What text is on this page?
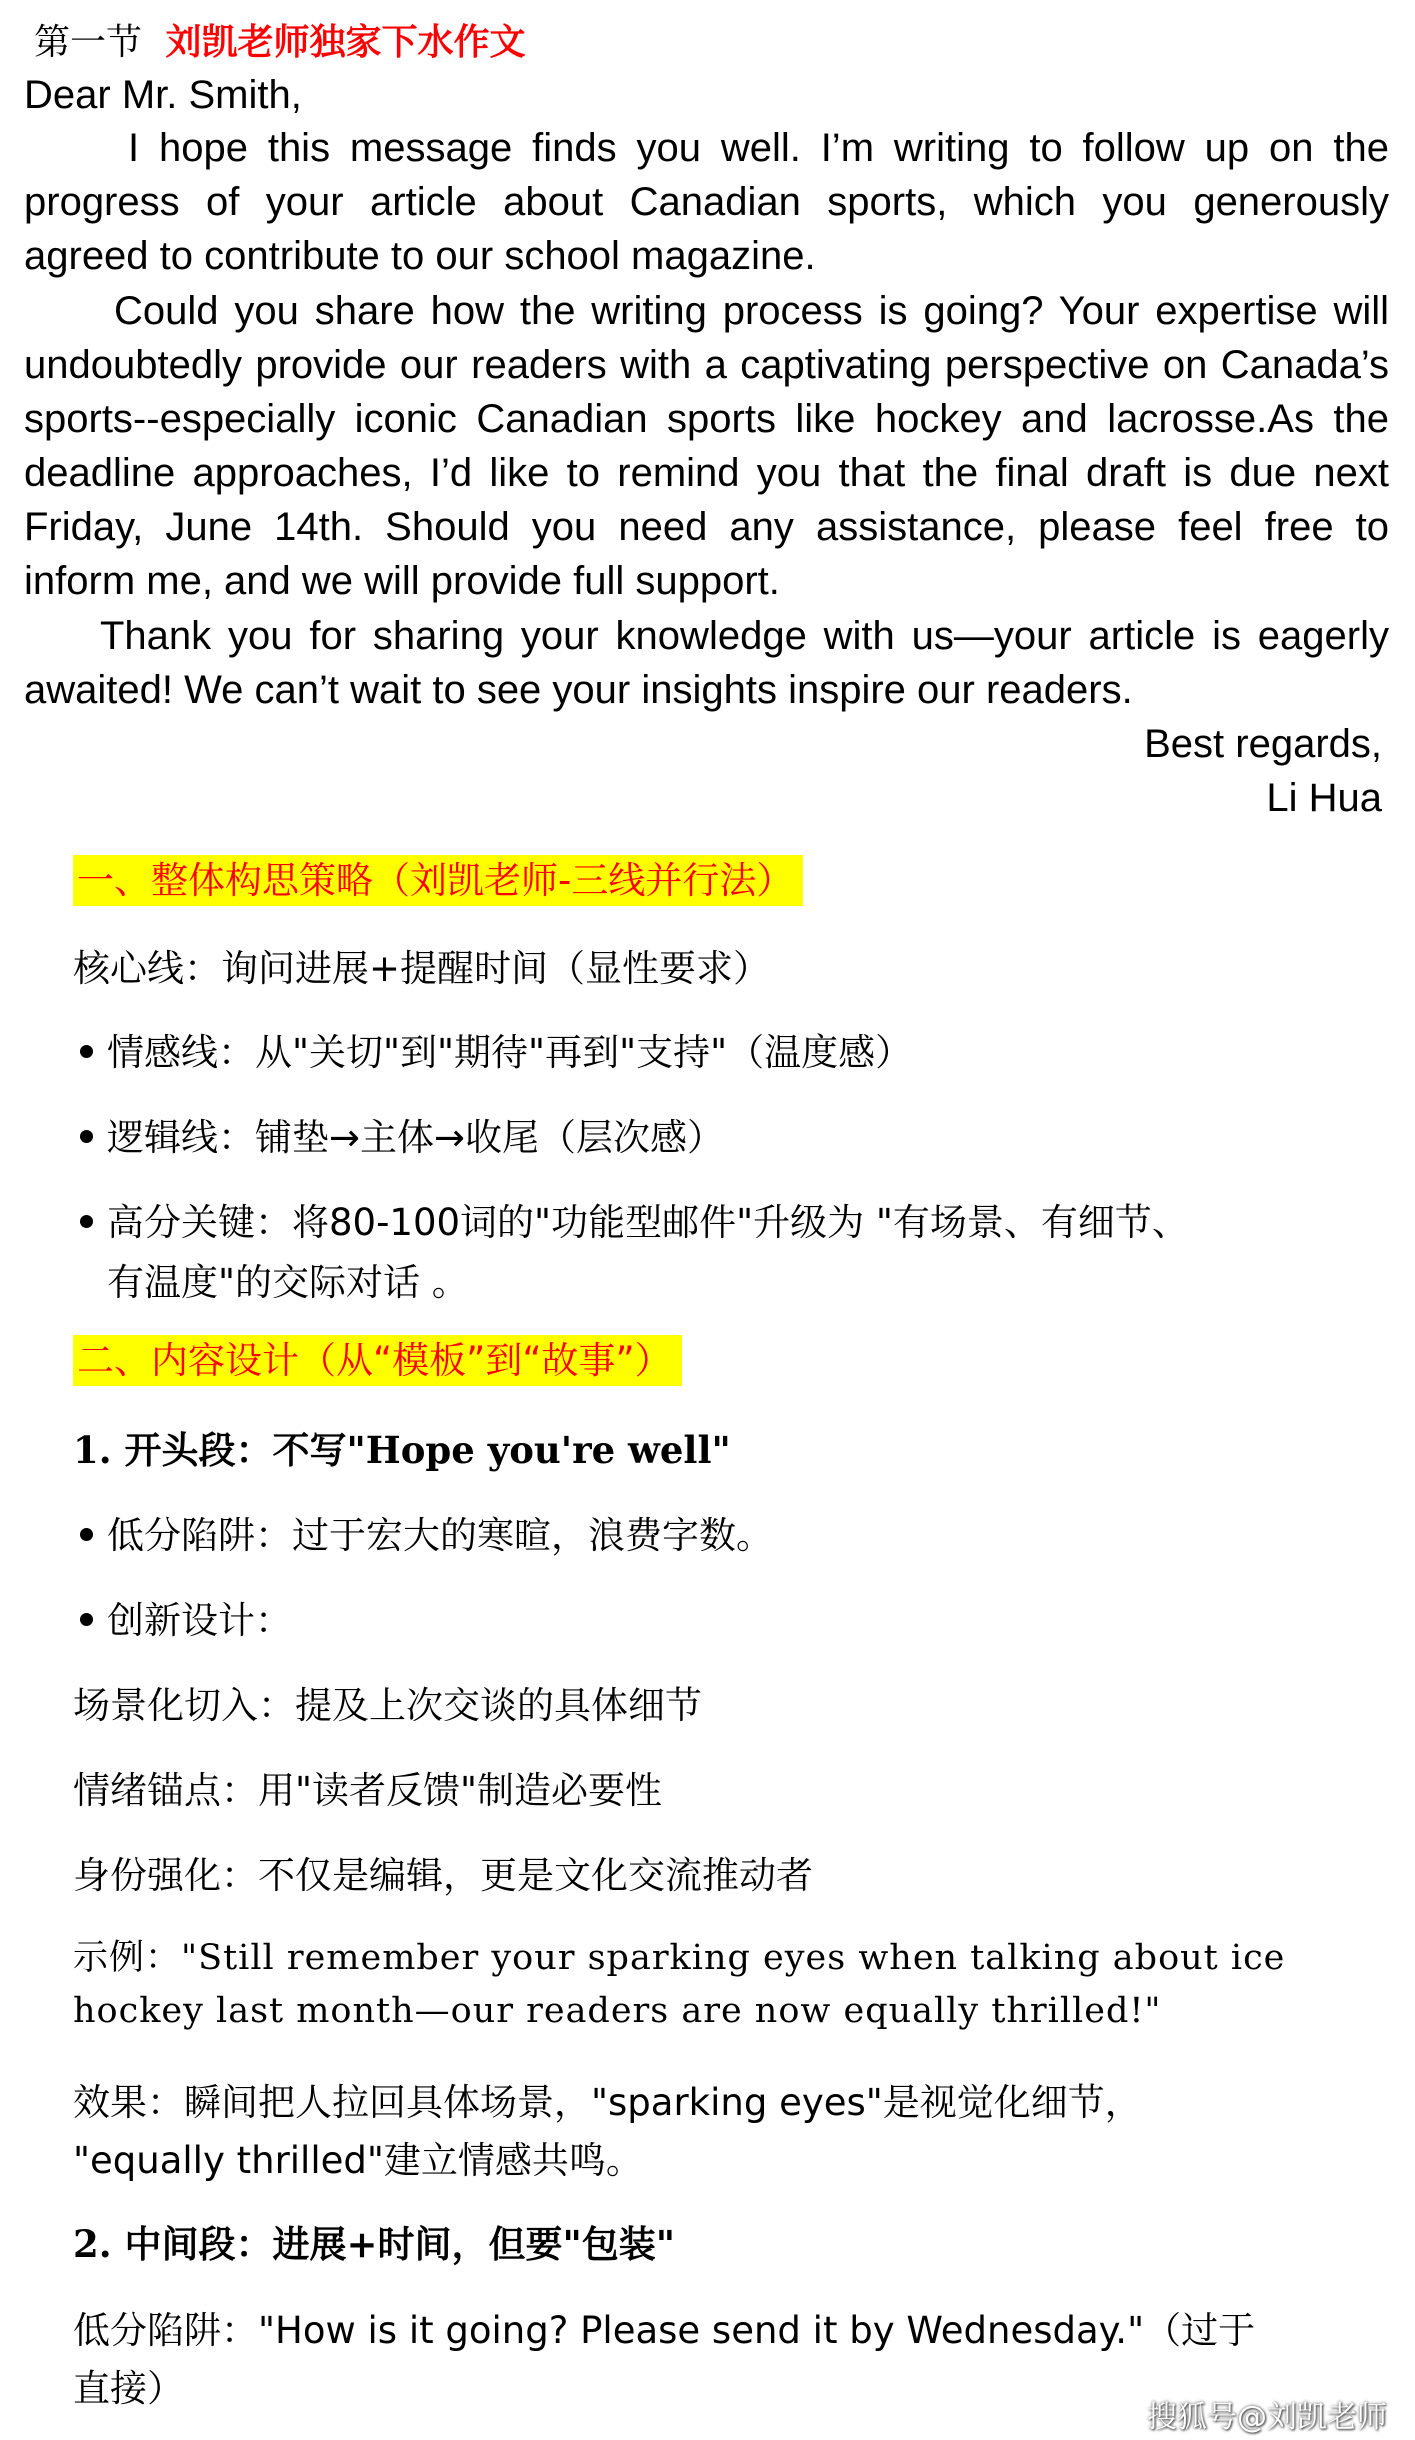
第一节 刘凯老师独家下水作文
Dear Mr. Smith,
I hope this message finds you well. I’m writing to follow up on the
progress of your article about Canadian sports, which you generously
agreed to contribute to our school magazine.
Could you share how the writing process is going? Your expertise will
undoubtedly provide our readers with a captivating perspective on Canada’s
sports--especially iconic Canadian sports like hockey and lacrosse.As the
deadline approaches, I’d like to remind you that the final draft is due next
Friday, June 14th. Should you need any assistance, please feel free to
inform me, and we will provide full support.
Thank you for sharing your knowledge with us—your article is eagerly
awaited! We can’t wait to see your insights inspire our readers.
Best regards,
Li Hua
一、整体构思策略（刘凯老师-三线并行法）
核心线：询问进展+提醒时间（显性要求）
情感线：从"关切"到"期待"再到"支持"（温度感）
逻辑线：铺垫→主体→收尾（层次感）
高分关键：将80-100词的"功能型邮件"升级为 "有场景、有细节、
有温度"的交际对话 。
二、内容设计（从“模板”到“故事”）
1. 开头段：不写"Hope you're well"
低分陷阱：过于宏大的寒暄，浪费字数。
创新设计：
场景化切入：提及上次交谈的具体细节
情绪锚点：用"读者反馈"制造必要性
身份强化：不仅是编辑，更是文化交流推动者
示例："Still remember your sparking eyes when talking about ice
hockey last month—our readers are now equally thrilled!"
效果：瞬间把人拉回具体场景，"sparking eyes"是视觉化细节，
"equally thrilled"建立情感共鸣。
2. 中间段：进展+时间，但要"包装"
低分陷阱："How is it going? Please send it by Wednesday."（过于
直接）
搜狐号@刘凯老师
